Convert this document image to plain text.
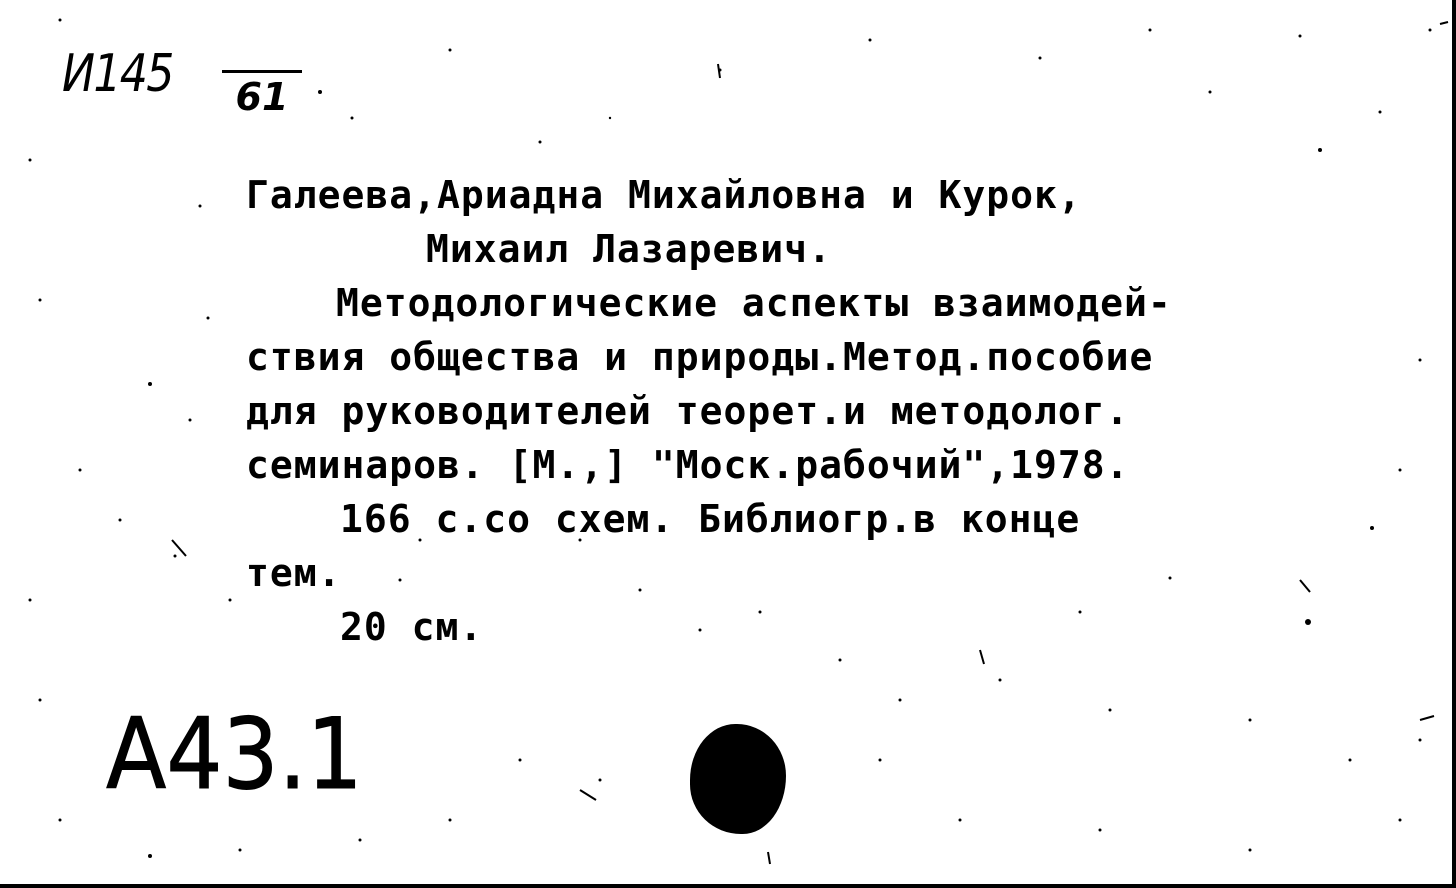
И145	61
Галеева,Ариадна Михайловна и Курок,
Михаил Лазаревич.
Методологические аспекты взаимодей-
ствия общества и природы.Метод.пособие
для руководителей теорет.и методолог.
семинаров. [М.,] "Моск.рабочий",1978.
166 с.со схем. Библиогр.в конце
тем.
20 см.
А43.1
